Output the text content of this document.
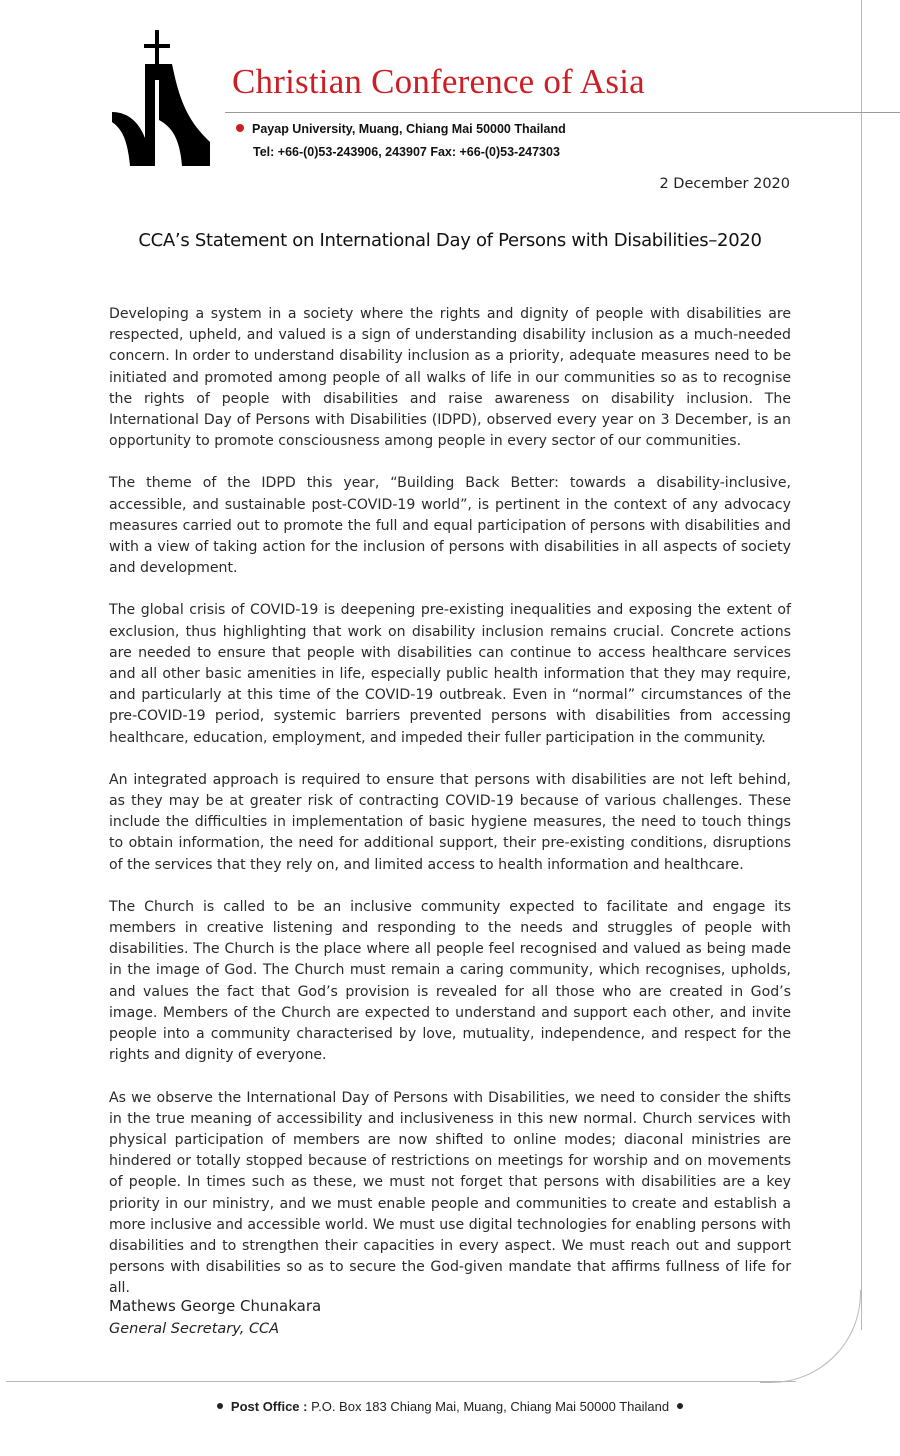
Christian Conference of Asia
Payap University, Muang, Chiang Mai 50000 Thailand
Tel: +66-(0)53-243906, 243907 Fax: +66-(0)53-247303
2 December 2020
CCA’s Statement on International Day of Persons with Disabilities–2020

Developing a system in a society where the rights and dignity of people with disabilities are respected, upheld, and valued is a sign of understanding disability inclusion as a much-needed concern. In order to understand disability inclusion as a priority, adequate measures need to be initiated and promoted among people of all walks of life in our communities so as to recognise the rights of people with disabilities and raise awareness on disability inclusion. The International Day of Persons with Disabilities (IDPD), observed every year on 3 December, is an opportunity to promote consciousness among people in every sector of our communities.

The theme of the IDPD this year, “Building Back Better: towards a disability-inclusive, accessible, and sustainable post-COVID-19 world”, is pertinent in the context of any advocacy measures carried out to promote the full and equal participation of persons with disabilities and with a view of taking action for the inclusion of persons with disabilities in all aspects of society and development.

The global crisis of COVID-19 is deepening pre-existing inequalities and exposing the extent of exclusion, thus highlighting that work on disability inclusion remains crucial. Concrete actions are needed to ensure that people with disabilities can continue to access healthcare services and all other basic amenities in life, especially public health information that they may require, and particularly at this time of the COVID-19 outbreak. Even in “normal” circumstances of the pre-COVID-19 period, systemic barriers prevented persons with disabilities from accessing healthcare, education, employment, and impeded their fuller participation in the community.

An integrated approach is required to ensure that persons with disabilities are not left behind, as they may be at greater risk of contracting COVID-19 because of various challenges. These include the difficulties in implementation of basic hygiene measures, the need to touch things to obtain information, the need for additional support, their pre-existing conditions, disruptions of the services that they rely on, and limited access to health information and healthcare.

The Church is called to be an inclusive community expected to facilitate and engage its members in creative listening and responding to the needs and struggles of people with disabilities. The Church is the place where all people feel recognised and valued as being made in the image of God. The Church must remain a caring community, which recognises, upholds, and values the fact that God’s provision is revealed for all those who are created in God’s image. Members of the Church are expected to understand and support each other, and invite people into a community characterised by love, mutuality, independence, and respect for the rights and dignity of everyone.

As we observe the International Day of Persons with Disabilities, we need to consider the shifts in the true meaning of accessibility and inclusiveness in this new normal. Church services with physical participation of members are now shifted to online modes; diaconal ministries are hindered or totally stopped because of restrictions on meetings for worship and on movements of people. In times such as these, we must not forget that persons with disabilities are a key priority in our ministry, and we must enable people and communities to create and establish a more inclusive and accessible world. We must use digital technologies for enabling persons with disabilities and to strengthen their capacities in every aspect. We must reach out and support persons with disabilities so as to secure the God-given mandate that affirms fullness of life for all.

Mathews George Chunakara
General Secretary, CCA
Post Office : P.O. Box 183 Chiang Mai, Muang, Chiang Mai 50000 Thailand
